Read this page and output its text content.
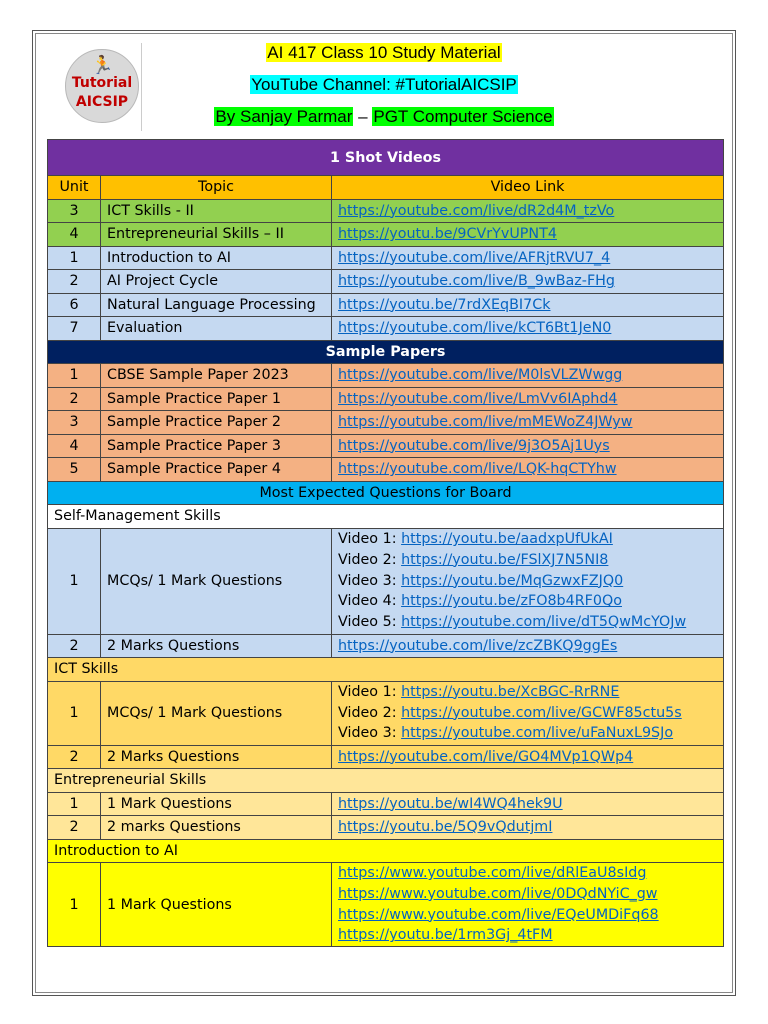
🏃
Tutorial
AICSIP
AI 417 Class 10 Study Material
YouTube Channel: #TutorialAICSIP
By Sanjay Parmar – PGT Computer Science
1 Shot Videos		
Unit	Topic	Video Link
3	ICT Skills - II	https://youtube.com/live/dR2d4M_tzVo
4	Entrepreneurial Skills – II	https://youtu.be/9CVrYvUPNT4
1	Introduction to AI	https://youtube.com/live/AFRjtRVU7_4
2	AI Project Cycle	https://youtube.com/live/B_9wBaz-FHg
6	Natural Language Processing	https://youtu.be/7rdXEqBI7Ck
7	Evaluation	https://youtube.com/live/kCT6Bt1JeN0
Sample Papers		
1	CBSE Sample Paper 2023	https://youtube.com/live/M0lsVLZWwgg
2	Sample Practice Paper 1	https://youtube.com/live/LmVv6IAphd4
3	Sample Practice Paper 2	https://youtube.com/live/mMEWoZ4JWyw
4	Sample Practice Paper 3	https://youtube.com/live/9j3O5Aj1Uys
5	Sample Practice Paper 4	https://youtube.com/live/LQK-hqCTYhw
Most Expected Questions for Board		
Self-Management Skills		
1	MCQs/ 1 Mark Questions	Video 1: https://youtu.be/aadxpUfUkAI
Video 2: https://youtu.be/FSlXJ7N5NI8
Video 3: https://youtu.be/MqGzwxFZJQ0
Video 4: https://youtu.be/zFO8b4RF0Qo
Video 5: https://youtube.com/live/dT5QwMcYOJw

2	2 Marks Questions	https://youtube.com/live/zcZBKQ9ggEs
ICT Skills		
1	MCQs/ 1 Mark Questions	Video 1: https://youtu.be/XcBGC-RrRNE
Video 2: https://youtube.com/live/GCWF85ctu5s
Video 3: https://youtube.com/live/uFaNuxL9SJo

2	2 Marks Questions	https://youtube.com/live/GO4MVp1QWp4
Entrepreneurial Skills		
1	1 Mark Questions	https://youtu.be/wI4WQ4hek9U
2	2 marks Questions	https://youtu.be/5Q9vQdutjmI
Introduction to AI		
1	1 Mark Questions	https://www.youtube.com/live/dRlEaU8sIdg
https://www.youtube.com/live/0DQdNYiC_gw
https://www.youtube.com/live/EQeUMDiFq68
https://youtu.be/1rm3Gj_4tFM
